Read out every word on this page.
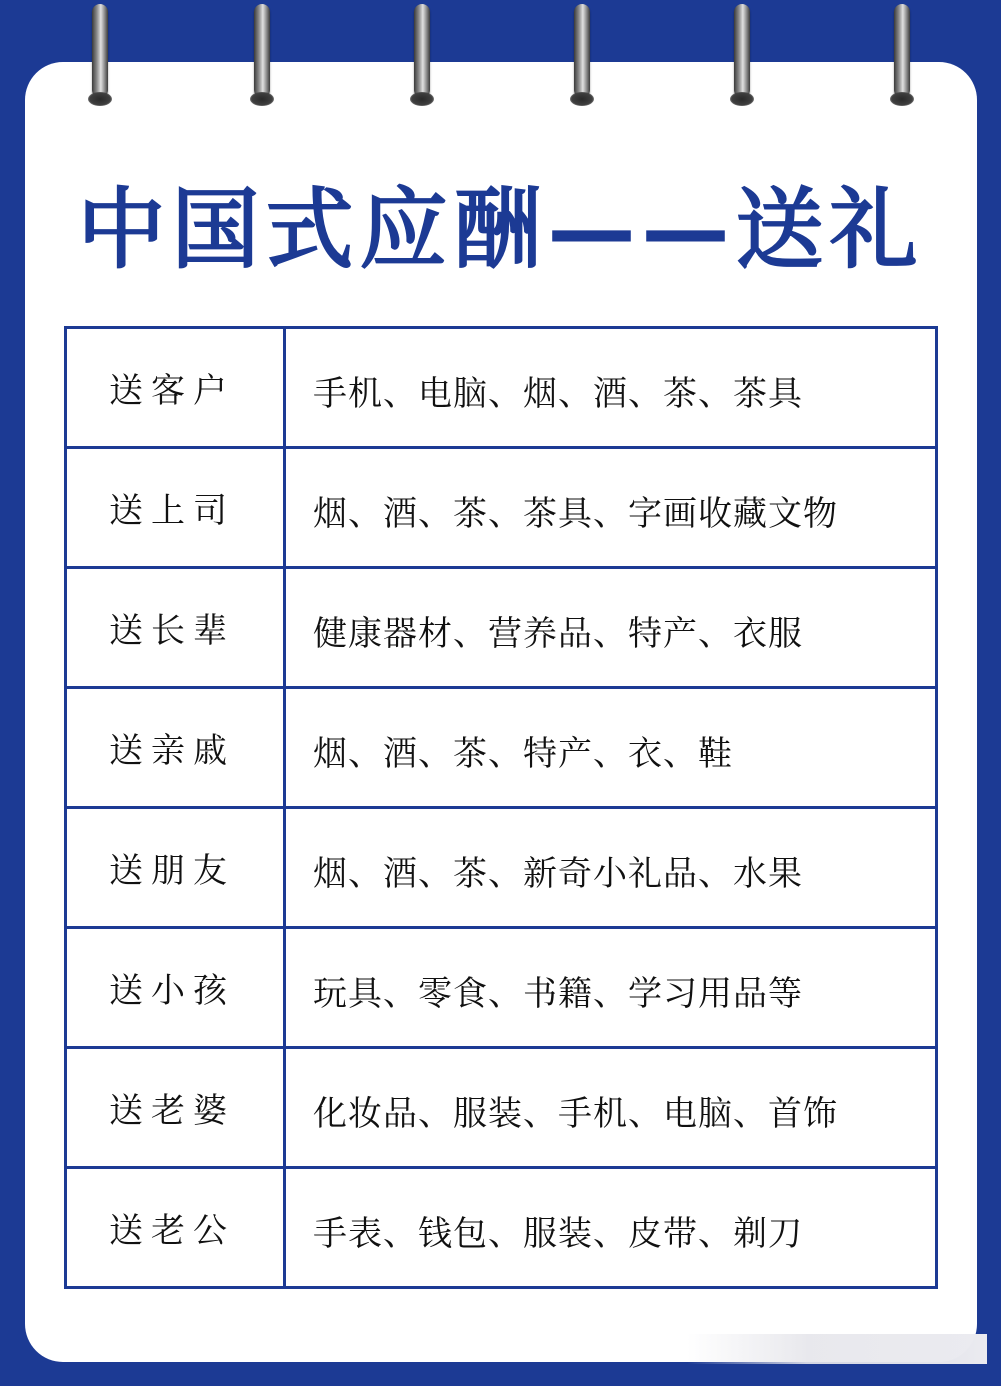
中国式应酬——送礼
送客户	手机、电脑、烟、酒、茶、茶具
送上司	烟、酒、茶、茶具、字画收藏文物
送长辈	健康器材、营养品、特产、衣服
送亲戚	烟、酒、茶、特产、衣、鞋
送朋友	烟、酒、茶、新奇小礼品、水果
送小孩	玩具、零食、书籍、学习用品等
送老婆	化妆品、服装、手机、电脑、首饰
送老公	手表、钱包、服装、皮带、剃刀
